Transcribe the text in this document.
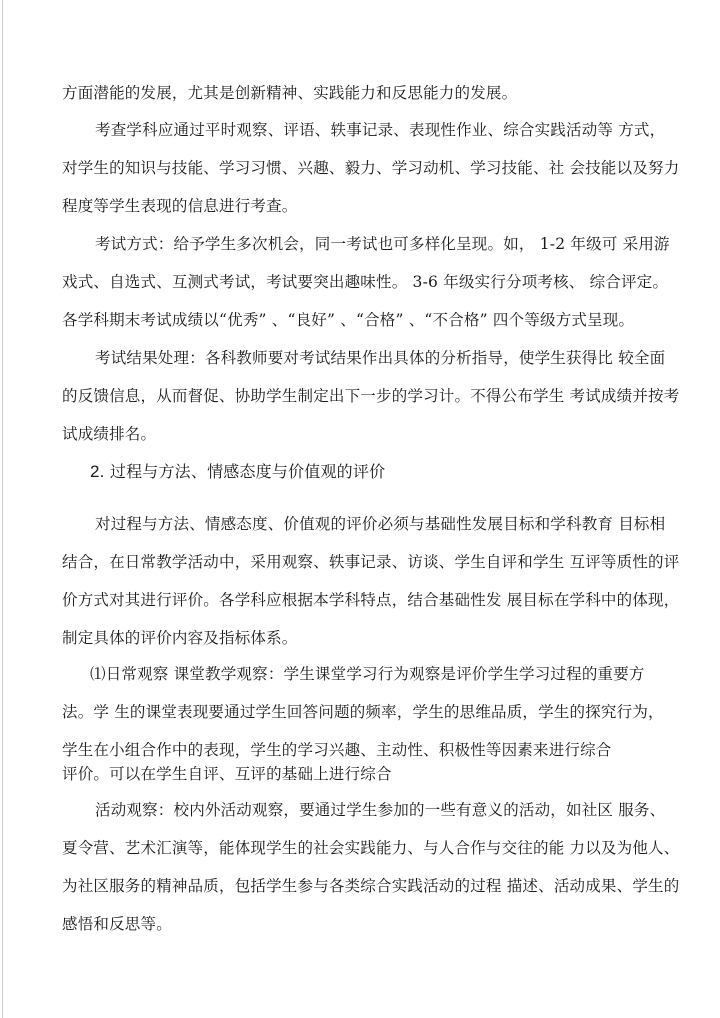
方面潜能的发展，尤其是创新精神、实践能力和反思能力的发展。
考查学科应通过平时观察、评语、轶事记录、表现性作业、综合实践活动等 方式，
对学生的知识与技能、学习习惯、兴趣、毅力、学习动机、学习技能、社 会技能以及努力
程度等学生表现的信息进行考查。
考试方式：给予学生多次机会，同一考试也可多样化呈现。如， 1-2 年级可 采用游
戏式、自选式、互测式考试，考试要突出趣味性。 3-6 年级实行分项考核、 综合评定。
各学科期末考试成绩以“优秀” 、“良好” 、“合格” 、“不合格” 四个等级方式呈现。
考试结果处理：各科教师要对考试结果作出具体的分析指导，使学生获得比 较全面
的反馈信息，从而督促、协助学生制定出下一步的学习计。不得公布学生 考试成绩并按考
试成绩排名。
2. 过程与方法、情感态度与价值观的评价
对过程与方法、情感态度、价值观的评价必须与基础性发展目标和学科教育 目标相
结合，在日常教学活动中，采用观察、轶事记录、访谈、学生自评和学生 互评等质性的评
价方式对其进行评价。各学科应根据本学科特点，结合基础性发 展目标在学科中的体现，
制定具体的评价内容及指标体系。
⑴日常观察 课堂教学观察：学生课堂学习行为观察是评价学生学习过程的重要方
法。学 生的课堂表现要通过学生回答问题的频率，学生的思维品质，学生的探究行为，
学生在小组合作中的表现，学生的学习兴趣、主动性、积极性等因素来进行综合
评价。可以在学生自评、互评的基础上进行综合
活动观察：校内外活动观察，要通过学生参加的一些有意义的活动，如社区 服务、
夏令营、艺术汇演等，能体现学生的社会实践能力、与人合作与交往的能 力以及为他人、
为社区服务的精神品质，包括学生参与各类综合实践活动的过程 描述、活动成果、学生的
感悟和反思等。
